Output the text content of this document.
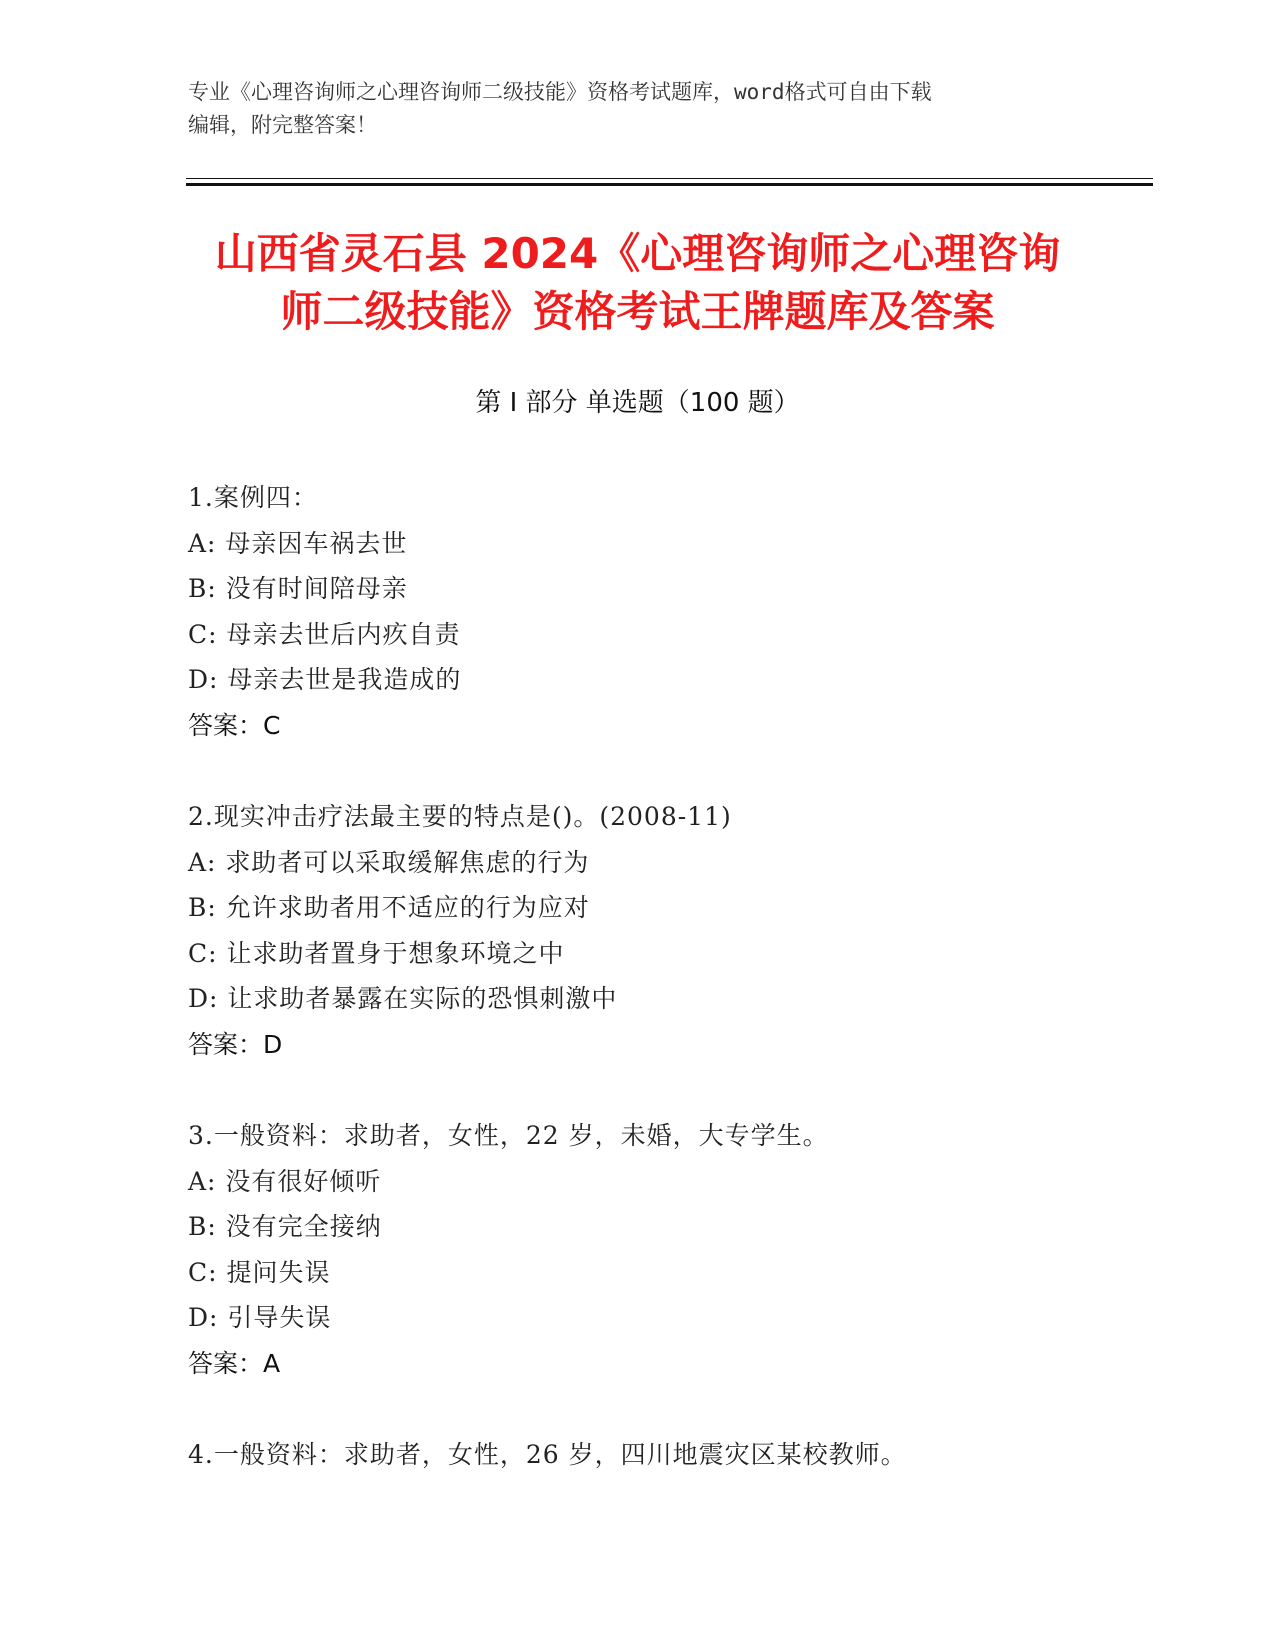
专业《心理咨询师之心理咨询师二级技能》资格考试题库，word格式可自由下载
编辑，附完整答案！
山西省灵石县 2024《心理咨询师之心理咨询
师二级技能》资格考试王牌题库及答案
第 I 部分 单选题（100 题）
1.案例四：
A: 母亲因车祸去世
B: 没有时间陪母亲
C: 母亲去世后内疚自责
D: 母亲去世是我造成的
答案：C
2.现实冲击疗法最主要的特点是()。(2008-11)
A: 求助者可以采取缓解焦虑的行为
B: 允许求助者用不适应的行为应对
C: 让求助者置身于想象环境之中
D: 让求助者暴露在实际的恐惧刺激中
答案：D
3.一般资料：求助者，女性，22 岁，未婚，大专学生。
A: 没有很好倾听
B: 没有完全接纳
C: 提问失误
D: 引导失误
答案：A
4.一般资料：求助者，女性，26 岁，四川地震灾区某校教师。
